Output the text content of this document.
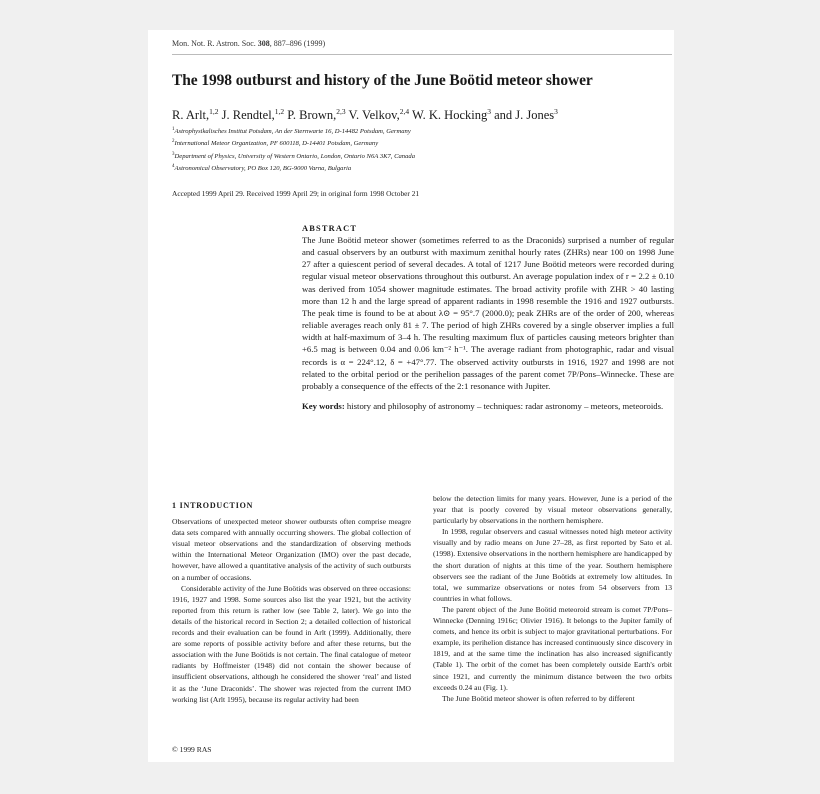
Mon. Not. R. Astron. Soc. 308, 887–896 (1999)
The 1998 outburst and history of the June Boötid meteor shower
R. Arlt,$^{1,2}$ J. Rendtel,$^{1,2}$ P. Brown,$^{2,3}$ V. Velkov,$^{2,4}$ W. K. Hocking$^3$ and J. Jones$^3$
$^1$Astrophysikalisches Institut Potsdam, An der Sternwarte 16, D-14482 Potsdam, Germany
$^2$International Meteor Organization, PF 600118, D-14401 Potsdam, Germany
$^3$Department of Physics, University of Western Ontario, London, Ontario N6A 3K7, Canada
$^4$Astronomical Observatory, PO Box 120, BG-9000 Varna, Bulgaria
Accepted 1999 April 29. Received 1999 April 29; in original form 1998 October 21
ABSTRACT
The June Boötid meteor shower (sometimes referred to as the Draconids) surprised a number of regular and casual observers by an outburst with maximum zenithal hourly rates (ZHRs) near 100 on 1998 June 27 after a quiescent period of several decades. A total of 1217 June Boötid meteors were recorded during regular visual meteor observations throughout this outburst. An average population index of r = 2.2 ± 0.10 was derived from 1054 shower magnitude estimates. The broad activity profile with ZHR > 40 lasting more than 12 h and the large spread of apparent radiants in 1998 resemble the 1916 and 1927 outbursts. The peak time is found to be at about λ⊙ = 95°.7 (2000.0); peak ZHRs are of the order of 200, whereas reliable averages reach only 81 ± 7. The period of high ZHRs covered by a single observer implies a full width at half-maximum of 3–4 h. The resulting maximum flux of particles causing meteors brighter than +6.5 mag is between 0.04 and 0.06 km⁻² h⁻¹. The average radiant from photographic, radar and visual records is α = 224°.12, δ = +47°.77. The observed activity outbursts in 1916, 1927 and 1998 are not related to the orbital period or the perihelion passages of the parent comet 7P/Pons–Winnecke. These are probably a consequence of the effects of the 2:1 resonance with Jupiter.
Key words: history and philosophy of astronomy – techniques: radar astronomy – meteors, meteoroids.
1 INTRODUCTION

Observations of unexpected meteor shower outbursts often comprise meagre data sets compared with annually occurring showers. The global collection of visual meteor observations and the standardization of observing methods within the International Meteor Organization (IMO) over the past decade, however, have allowed a quantitative analysis of the activity of such outbursts on a number of occasions.

Considerable activity of the June Boötids was observed on three occasions: 1916, 1927 and 1998. Some sources also list the year 1921, but the activity reported from this return is rather low (see Table 2, later). We go into the details of the historical record in Section 2; a detailed collection of historical records and their evaluation can be found in Arlt (1999). Additionally, there are some reports of possible activity before and after these returns, but the association with the June Boötids is not certain. The final catalogue of meteor radiants by Hoffmeister (1948) did not contain the shower because of insufficient observations, although he considered the shower ‘real’ and listed it as the ‘June Draconids’. The shower was rejected from the current IMO working list (Arlt 1995), because its regular activity had been

below the detection limits for many years. However, June is a period of the year that is poorly covered by visual meteor observations generally, particularly by observations in the northern hemisphere.

In 1998, regular observers and casual witnesses noted high meteor activity visually and by radio means on June 27–28, as first reported by Sato et al. (1998). Extensive observations in the northern hemisphere are handicapped by the short duration of nights at this time of the year. Southern hemisphere observers see the radiant of the June Boötids at extremely low altitudes. In total, we summarize observations or notes from 54 observers from 13 countries in what follows.

The parent object of the June Boötid meteoroid stream is comet 7P/Pons–Winnecke (Denning 1916c; Olivier 1916). It belongs to the Jupiter family of comets, and hence its orbit is subject to major gravitational perturbations. For example, its perihelion distance has increased continuously since discovery in 1819, and at the same time the inclination has also increased significantly (Table 1). The orbit of the comet has been completely outside Earth's orbit since 1921, and currently the minimum distance between the two orbits exceeds 0.24 au (Fig. 1).

The June Boötid meteor shower is often referred to by different

© 1999 RAS
